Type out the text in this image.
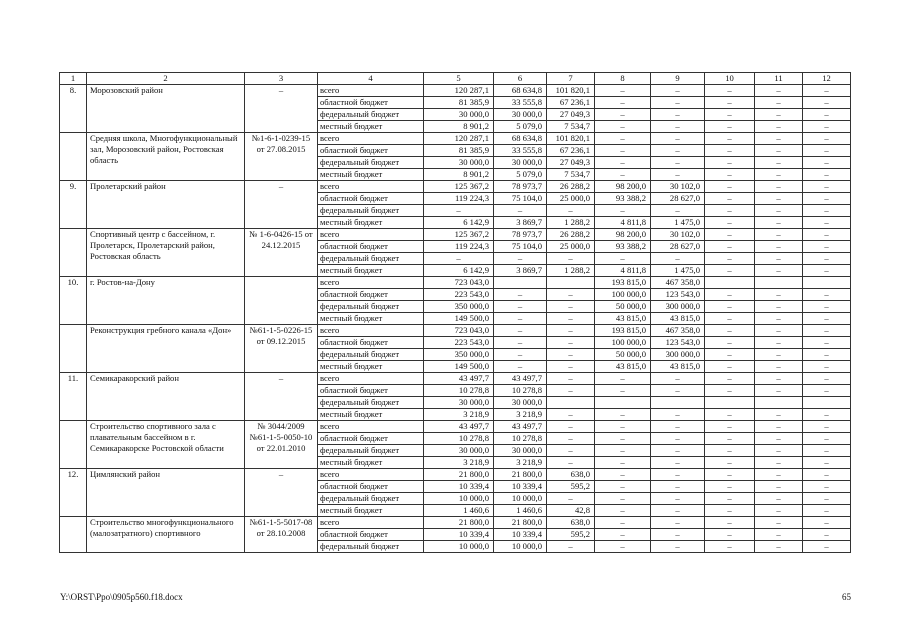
1	2	3	4	5	6	7	8	9	10	11	12
8.	Морозовский район	–	всего	120 287,1	68 634,8	101 820,1	–	–	–	–	–
			областной бюджет	81 385,9	33 555,8	67 236,1	–	–	–	–	–
			федеральный бюджет	30 000,0	30 000,0	27 049,3	–	–	–	–	–
			местный бюджет	8 901,2	5 079,0	7 534,7	–	–	–	–	–
	Средняя школа, Многофункциональный зал, Морозовский район, Ростовская область	№1-6-1-0239-15 от 27.08.2015	всего	120 287,1	68 634,8	101 820,1	–	–	–	–	–
			областной бюджет	81 385,9	33 555,8	67 236,1	–	–	–	–	–
			федеральный бюджет	30 000,0	30 000,0	27 049,3	–	–	–	–	–
			местный бюджет	8 901,2	5 079,0	7 534,7	–	–	–	–	–
9.	Пролетарский район	–	всего	125 367,2	78 973,7	26 288,2	98 200,0	30 102,0	–	–	–
			областной бюджет	119 224,3	75 104,0	25 000,0	93 388,2	28 627,0	–	–	–
			федеральный бюджет	–	–	–	–	–	–	–	–
			местный бюджет	6 142,9	3 869,7	1 288,2	4 811,8	1 475,0	–	–	–
	Спортивный центр с бассейном, г. Пролетарск, Пролетарский район, Ростовская область	№ 1-6-0426-15 от 24.12.2015	всего	125 367,2	78 973,7	26 288,2	98 200,0	30 102,0	–	–	–
			областной бюджет	119 224,3	75 104,0	25 000,0	93 388,2	28 627,0	–	–	–
			федеральный бюджет	–	–	–	–	–	–	–	–
			местный бюджет	6 142,9	3 869,7	1 288,2	4 811,8	1 475,0	–	–	–
10.	г. Ростов-на-Дону		всего	723 043,0			193 815,0	467 358,0			
			областной бюджет	223 543,0	–	–	100 000,0	123 543,0	–	–	–
			федеральный бюджет	350 000,0	–	–	50 000,0	300 000,0	–	–	–
			местный бюджет	149 500,0	–	–	43 815,0	43 815,0	–	–	–
	Реконструкция гребного канала «Дон»	№61-1-5-0226-15 от 09.12.2015	всего	723 043,0	–	–	193 815,0	467 358,0	–	–	–
			областной бюджет	223 543,0	–	–	100 000,0	123 543,0	–	–	–
			федеральный бюджет	350 000,0	–	–	50 000,0	300 000,0	–	–	–
			местный бюджет	149 500,0	–	–	43 815,0	43 815,0	–	–	–
11.	Семикаракорский район	–	всего	43 497,7	43 497,7	–	–	–	–	–	–
			областной бюджет	10 278,8	10 278,8	–	–	–	–	–	–
			федеральный бюджет	30 000,0	30 000,0						
			местный бюджет	3 218,9	3 218,9	–	–	–	–	–	–
	Строительство спортивного зала с плавательным бассейном в г. Семикаракорске Ростовской области	№ 3044/2009 №61-1-5-0050-10 от 22.01.2010	всего	43 497,7	43 497,7	–	–	–	–	–	–
			областной бюджет	10 278,8	10 278,8	–	–	–	–	–	–
			федеральный бюджет	30 000,0	30 000,0	–	–	–	–	–	–
			местный бюджет	3 218,9	3 218,9	–	–	–	–	–	–
12.	Цимлянский район	–	всего	21 800,0	21 800,0	638,0	–	–	–	–	–
			областной бюджет	10 339,4	10 339,4	595,2	–	–	–	–	–
			федеральный бюджет	10 000,0	10 000,0	–	–	–	–	–	–
			местный бюджет	1 460,6	1 460,6	42,8	–	–	–	–	–
	Строительство многофункционального (малозатратного) спортивного	№61-1-5-5017-08 от 28.10.2008	всего	21 800,0	21 800,0	638,0	–	–	–	–	–
			областной бюджет	10 339,4	10 339,4	595,2	–	–	–	–	–
			федеральный бюджет	10 000,0	10 000,0	–	–	–	–	–	–
Y:\ORST\Ppo\0905p560.f18.docx	65
